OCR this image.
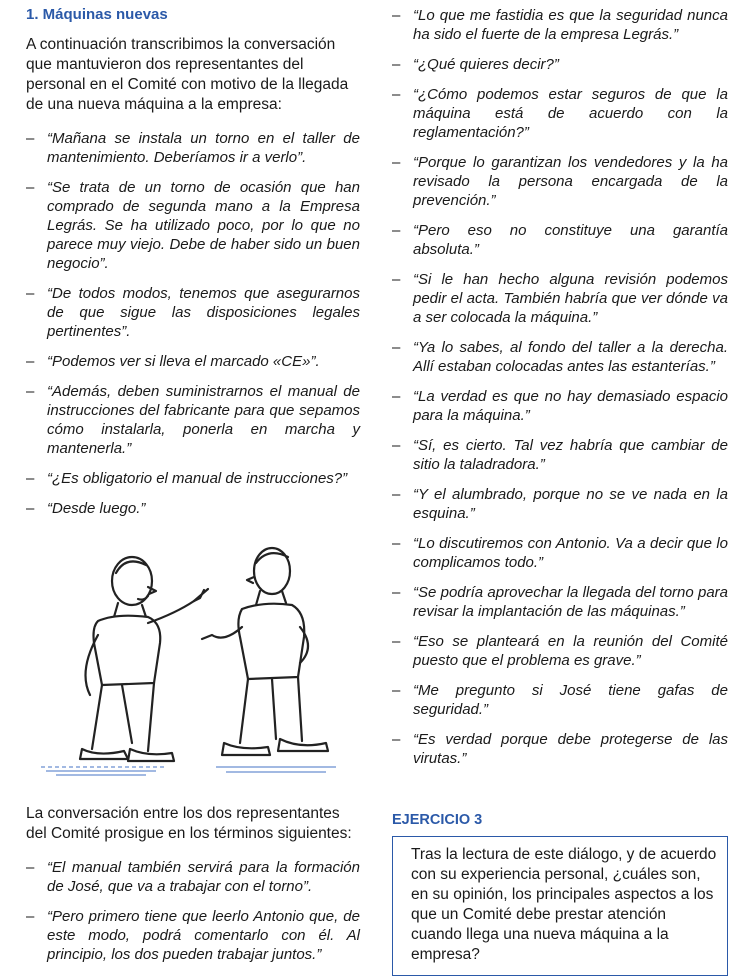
1. Máquinas nuevas

A continuación transcribimos la conversación que mantuvieron dos representantes del personal en el Comité con motivo de la llegada de una nueva máquina a la empresa:

– “Mañana se instala un torno en el taller de mantenimiento. Deberíamos ir a verlo”.
– “Se trata de un torno de ocasión que han comprado de segunda mano a la Empresa Legrás. Se ha utilizado poco, por lo que no parece muy viejo. Debe de haber sido un buen negocio”.
– “De todos modos, tenemos que asegurarnos de que sigue las disposiciones legales pertinentes”.
– “Podemos ver si lleva el marcado «CE»”.
– “Además, deben suministrarnos el manual de instrucciones del fabricante para que sepamos cómo instalarla, ponerla en marcha y mantenerla.”
– “¿Es obligatorio el manual de instrucciones?”
– “Desde luego.”

La conversación entre los dos representantes del Comité prosigue en los términos siguientes:

– “El manual también servirá para la formación de José, que va a trabajar con el torno”.
– “Pero primero tiene que leerlo Antonio que, de este modo, podrá comentarlo con él. Al principio, los dos pueden trabajar juntos.”
– “Lo que me fastidia es que la seguridad nunca ha sido el fuerte de la empresa Legrás.”
– “¿Qué quieres decir?”
– “¿Cómo podemos estar seguros de que la máquina está de acuerdo con la reglamentación?”
– “Porque lo garantizan los vendedores y la ha revisado la persona encargada de la prevención.”
– “Pero eso no constituye una garantía absoluta.”
– “Si le han hecho alguna revisión podemos pedir el acta. También habría que ver dónde va a ser colocada la máquina.”
– “Ya lo sabes, al fondo del taller a la derecha. Allí estaban colocadas antes las estanterías.”
– “La verdad es que no hay demasiado espacio para la máquina.”
– “Sí, es cierto. Tal vez habría que cambiar de sitio la taladradora.”
– “Y el alumbrado, porque no se ve nada en la esquina.”
– “Lo discutiremos con Antonio. Va a decir que lo complicamos todo.”
– “Se podría aprovechar la llegada del torno para revisar la implantación de las máquinas.”
– “Eso se planteará en la reunión del Comité puesto que el problema es grave.”
– “Me pregunto si José tiene gafas de seguridad.”
– “Es verdad porque debe protegerse de las virutas.”
EJERCICIO 3
Tras la lectura de este diálogo, y de acuerdo con su experiencia personal, ¿cuáles son, en su opinión, los principales aspectos a los que un Comité debe prestar atención cuando llega una nueva máquina a la empresa?
